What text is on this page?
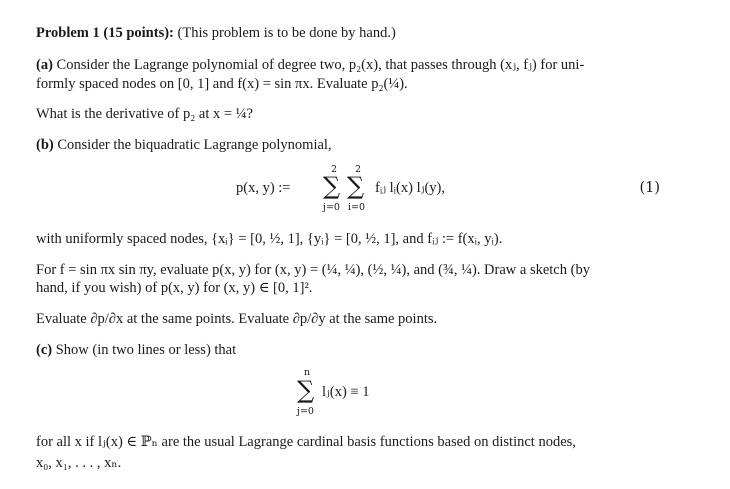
Problem 1 (15 points): (This problem is to be done by hand.)
(a) Consider the Lagrange polynomial of degree two, p₂(x), that passes through (xⱼ, fⱼ) for uni-
formly spaced nodes on [0, 1] and f(x) = sin πx. Evaluate p₂(¼).
What is the derivative of p₂ at x = ¼?
(b) Consider the biquadratic Lagrange polynomial,
p(x, y) :=
2
∑
j=0
2
∑
i=0
fᵢⱼ lᵢ(x) lⱼ(y),	(1)
with uniformly spaced nodes, {xᵢ} = [0, ½, 1], {yᵢ} = [0, ½, 1], and fᵢⱼ := f(xᵢ, yᵢ).
For f = sin πx sin πy, evaluate p(x, y) for (x, y) = (¼, ¼), (½, ¼), and (¾, ¼). Draw a sketch (by
hand, if you wish) of p(x, y) for (x, y) ∈ [0, 1]².
Evaluate ∂p/∂x at the same points. Evaluate ∂p/∂y at the same points.
(c) Show (in two lines or less) that
n
∑
j=0
lⱼ(x) ≡ 1
for all x if lⱼ(x) ∈ ℙₙ are the usual Lagrange cardinal basis functions based on distinct nodes,
x₀, x₁, . . . , xₙ.
